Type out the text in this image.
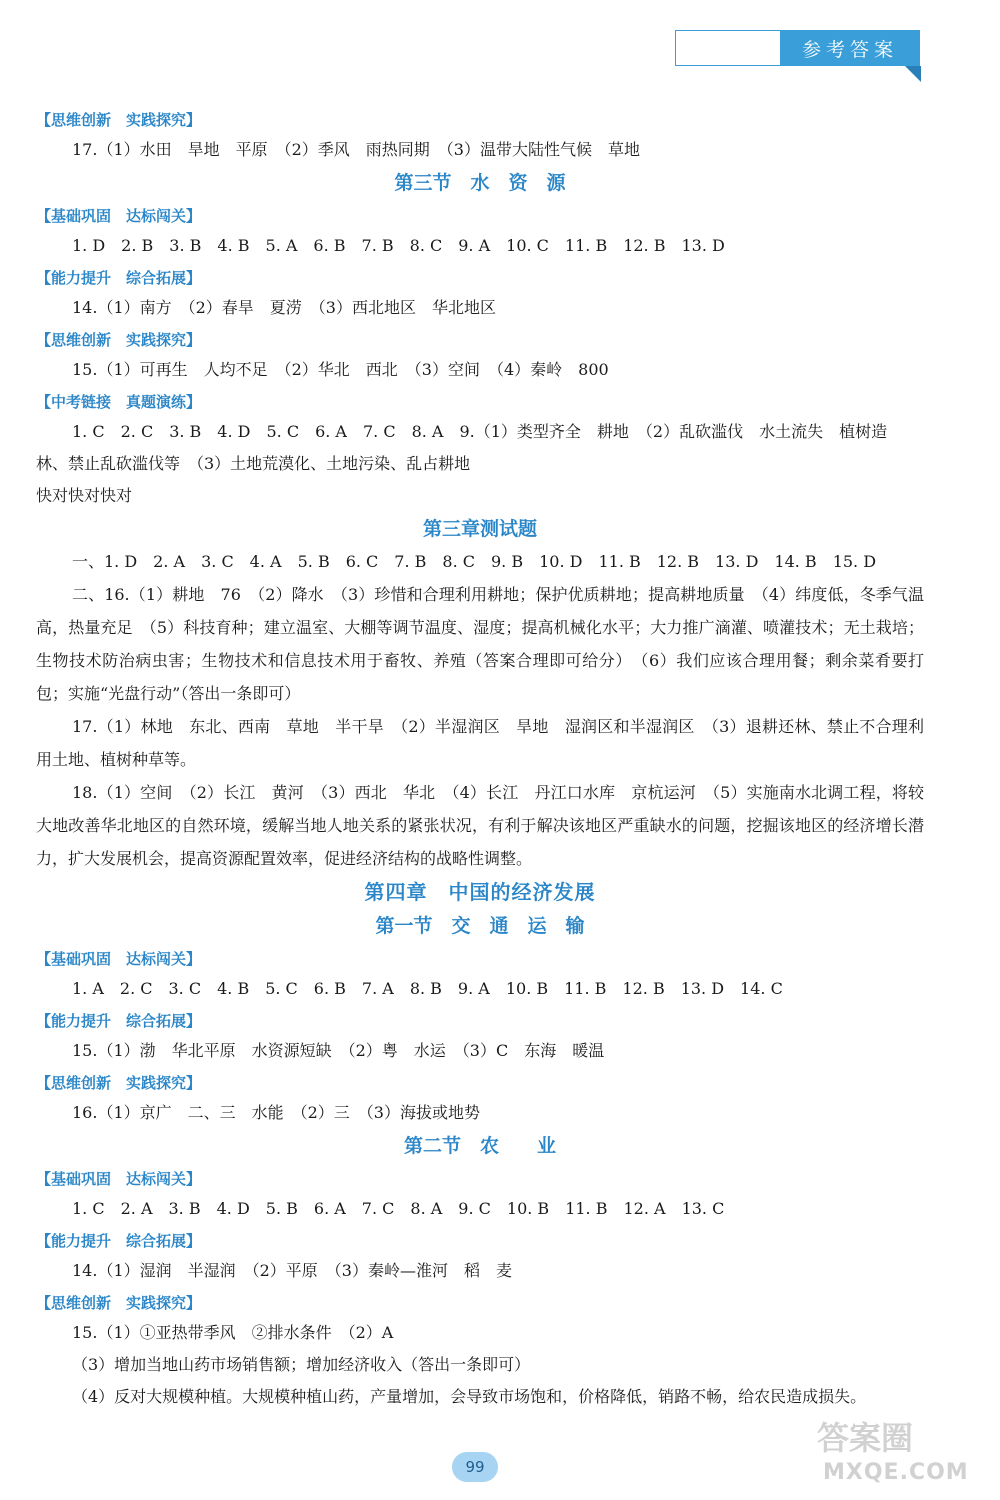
参考答案
【思维创新　实践探究】
17.（1）水田　旱地　平原　（2）季风　雨热同期　（3）温带大陆性气候　草地
第三节　水　资　源
【基础巩固　达标闯关】
1. D　2. B　3. B　4. B　5. A　6. B　7. B　8. C　9. A　10. C　11. B　12. B　13. D
【能力提升　综合拓展】
14.（1）南方　（2）春旱　夏涝　（3）西北地区　华北地区
【思维创新　实践探究】
15.（1）可再生　人均不足　（2）华北　西北　（3）空间　（4）秦岭　800
【中考链接　真题演练】
1. C　2. C　3. B　4. D　5. C　6. A　7. C　8. A　9.（1）类型齐全　耕地　（2）乱砍滥伐　水土流失　植树造
林、禁止乱砍滥伐等　（3）土地荒漠化、土地污染、乱占耕地
快对快对快对
第三章测试题
一、1. D　2. A　3. C　4. A　5. B　6. C　7. B　8. C　9. B　10. D　11. B　12. B　13. D　14. B　15. D
二、16.（1）耕地　76　（2）降水　（3）珍惜和合理利用耕地；保护优质耕地；提高耕地质量　（4）纬度低，冬季气温高，热量充足　（5）科技育种；建立温室、大棚等调节温度、湿度；提高机械化水平；大力推广滴灌、喷灌技术；无土栽培；生物技术防治病虫害；生物技术和信息技术用于畜牧、养殖（答案合理即可给分）　（6）我们应该合理用餐；剩余菜肴要打包；实施“光盘行动”（答出一条即可）
17.（1）林地　东北、西南　草地　半干旱　（2）半湿润区　旱地　湿润区和半湿润区　（3）退耕还林、禁止不合理利用土地、植树种草等。
18.（1）空间　（2）长江　黄河　（3）西北　华北　（4）长江　丹江口水库　京杭运河　（5）实施南水北调工程，将较大地改善华北地区的自然环境，缓解当地人地关系的紧张状况，有利于解决该地区严重缺水的问题，挖掘该地区的经济增长潜力，扩大发展机会，提高资源配置效率，促进经济结构的战略性调整。
第四章　中国的经济发展
第一节　交　通　运　输
【基础巩固　达标闯关】
1. A　2. C　3. C　4. B　5. C　6. B　7. A　8. B　9. A　10. B　11. B　12. B　13. D　14. C
【能力提升　综合拓展】
15.（1）渤　华北平原　水资源短缺　（2）粤　水运　（3）C　东海　暖温
【思维创新　实践探究】
16.（1）京广　二、三　水能　（2）三　（3）海拔或地势
第二节　农　　业
【基础巩固　达标闯关】
1. C　2. A　3. B　4. D　5. B　6. A　7. C　8. A　9. C　10. B　11. B　12. A　13. C
【能力提升　综合拓展】
14.（1）湿润　半湿润　（2）平原　（3）秦岭—淮河　稻　麦
【思维创新　实践探究】
15.（1）①亚热带季风　②排水条件　（2）A
（3）增加当地山药市场销售额；增加经济收入（答出一条即可）
（4）反对大规模种植。大规模种植山药，产量增加，会导致市场饱和，价格降低，销路不畅，给农民造成损失。
99
答案圈
MXQE.COM
